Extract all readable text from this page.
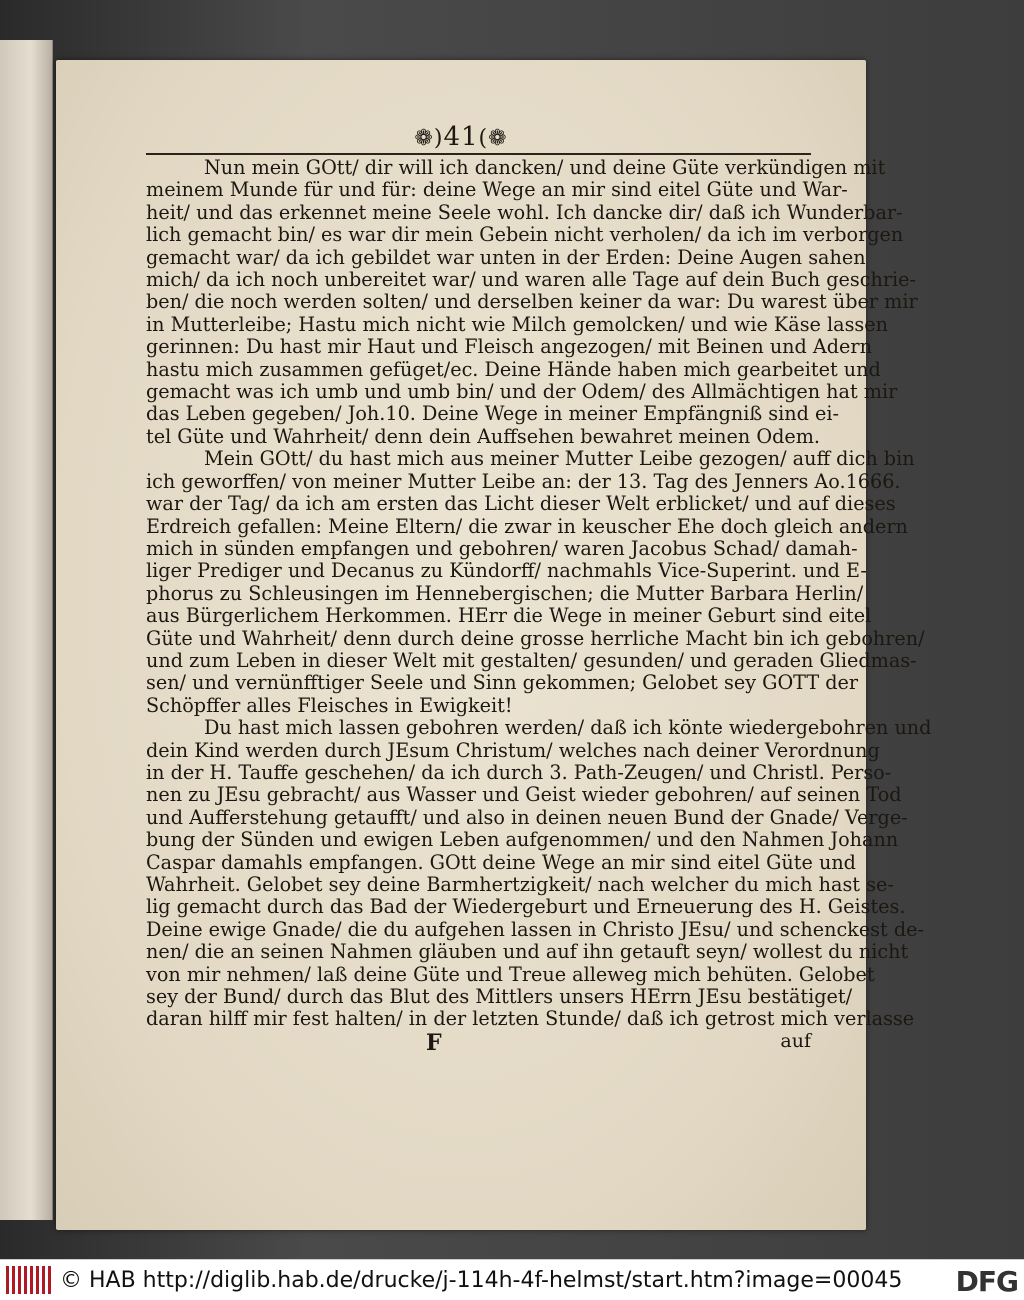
❁)41(❁
Nun mein GOtt/ dir will ich dancken/ und deine Güte verkündigen mit
meinem Munde für und für: deine Wege an mir sind eitel Güte und War-
heit/ und das erkennet meine Seele wohl. Ich dancke dir/ daß ich Wunderbar-
lich gemacht bin/ es war dir mein Gebein nicht verholen/ da ich im verborgen
gemacht war/ da ich gebildet war unten in der Erden: Deine Augen sahen
mich/ da ich noch unbereitet war/ und waren alle Tage auf dein Buch geschrie-
ben/ die noch werden solten/ und derselben keiner da war: Du warest über mir
in Mutterleibe; Hastu mich nicht wie Milch gemolcken/ und wie Käse lassen
gerinnen: Du hast mir Haut und Fleisch angezogen/ mit Beinen und Adern
hastu mich zusammen gefüget/ec. Deine Hände haben mich gearbeitet und
gemacht was ich umb und umb bin/ und der Odem/ des Allmächtigen hat mir
das Leben gegeben/ Joh.10. Deine Wege in meiner Empfängniß sind ei-
tel Güte und Wahrheit/ denn dein Auffsehen bewahret meinen Odem.
Mein GOtt/ du hast mich aus meiner Mutter Leibe gezogen/ auff dich bin
ich geworffen/ von meiner Mutter Leibe an: der 13. Tag des Jenners Ao.1666.
war der Tag/ da ich am ersten das Licht dieser Welt erblicket/ und auf dieses
Erdreich gefallen: Meine Eltern/ die zwar in keuscher Ehe doch gleich andern
mich in sünden empfangen und gebohren/ waren Jacobus Schad/ damah-
liger Prediger und Decanus zu Kündorff/ nachmahls Vice-Superint. und E-
phorus zu Schleusingen im Hennebergischen; die Mutter Barbara Herlin/
aus Bürgerlichem Herkommen. HErr die Wege in meiner Geburt sind eitel
Güte und Wahrheit/ denn durch deine grosse herrliche Macht bin ich gebohren/
und zum Leben in dieser Welt mit gestalten/ gesunden/ und geraden Gliedmas-
sen/ und vernünfftiger Seele und Sinn gekommen; Gelobet sey GOTT der
Schöpffer alles Fleisches in Ewigkeit!
Du hast mich lassen gebohren werden/ daß ich könte wiedergebohren und
dein Kind werden durch JEsum Christum/ welches nach deiner Verordnung
in der H. Tauffe geschehen/ da ich durch 3. Path-Zeugen/ und Christl. Perso-
nen zu JEsu gebracht/ aus Wasser und Geist wieder gebohren/ auf seinen Tod
und Aufferstehung getaufft/ und also in deinen neuen Bund der Gnade/ Verge-
bung der Sünden und ewigen Leben aufgenommen/ und den Nahmen Johann
Caspar damahls empfangen. GOtt deine Wege an mir sind eitel Güte und
Wahrheit. Gelobet sey deine Barmhertzigkeit/ nach welcher du mich hast se-
lig gemacht durch das Bad der Wiedergeburt und Erneuerung des H. Geistes.
Deine ewige Gnade/ die du aufgehen lassen in Christo JEsu/ und schenckest de-
nen/ die an seinen Nahmen gläuben und auf ihn getauft seyn/ wollest du nicht
von mir nehmen/ laß deine Güte und Treue alleweg mich behüten. Gelobet
sey der Bund/ durch das Blut des Mittlers unsers HErrn JEsu bestätiget/
daran hilff mir fest halten/ in der letzten Stunde/ daß ich getrost mich verlasse
F	auf
© HAB http://diglib.hab.de/drucke/j-114h-4f-helmst/start.htm?image=00045 DFG
